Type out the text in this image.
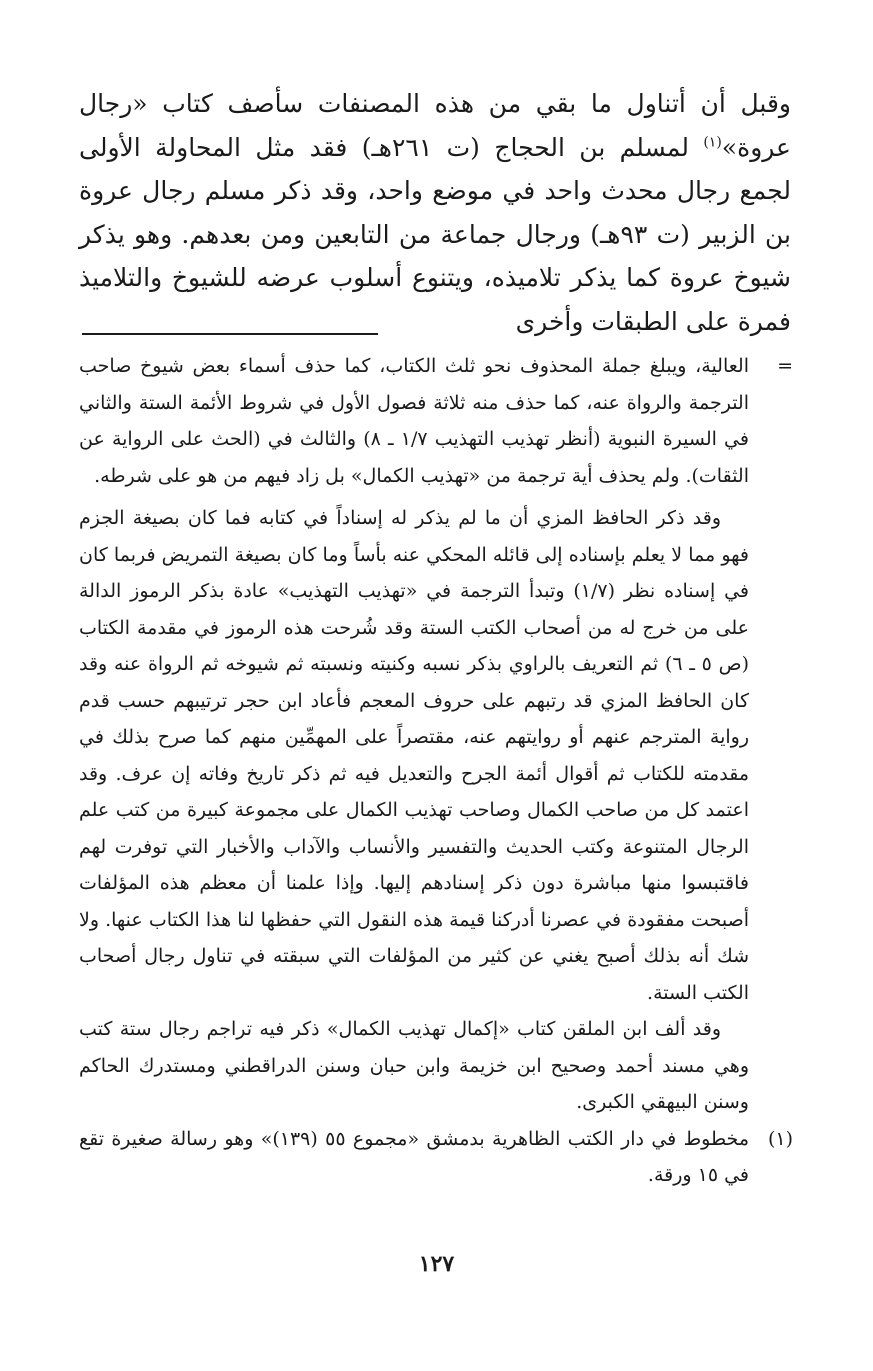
وقبل أن أتناول ما بقي من هذه المصنفات سأصف كتاب «رجال عروة»$^{(١)}$ لمسلم بن الحجاج (ت ٢٦١هـ) فقد مثل المحاولة الأولى لجمع رجال محدث واحد في موضع واحد، وقد ذكر مسلم رجال عروة بن الزبير (ت ٩٣هـ) ورجال جماعة من التابعين ومن بعدهم. وهو يذكر شيوخ عروة كما يذكر تلاميذه، ويتنوع أسلوب عرضه للشيوخ والتلاميذ فمرة على الطبقات وأخرى

=
العالية، ويبلغ جملة المحذوف نحو ثلث الكتاب، كما حذف أسماء بعض شيوخ صاحب الترجمة والرواة عنه، كما حذف منه ثلاثة فصول الأول في شروط الأئمة الستة والثاني في السيرة النبوية (أنظر تهذيب التهذيب ١/٧ ـ ٨) والثالث في (الحث على الرواية عن الثقات). ولم يحذف أية ترجمة من «تهذيب الكمال» بل زاد فيهم من هو على شرطه.

وقد ذكر الحافظ المزي أن ما لم يذكر له إسناداً في كتابه فما كان بصيغة الجزم فهو مما لا يعلم بإسناده إلى قائله المحكي عنه بأساً وما كان بصيغة التمريض فربما كان في إسناده نظر (١/٧) وتبدأ الترجمة في «تهذيب التهذيب» عادة بذكر الرموز الدالة على من خرج له من أصحاب الكتب الستة وقد شُرحت هذه الرموز في مقدمة الكتاب (ص ٥ ـ ٦) ثم التعريف بالراوي بذكر نسبه وكنيته ونسبته ثم شيوخه ثم الرواة عنه وقد كان الحافظ المزي قد رتبهم على حروف المعجم فأعاد ابن حجر ترتيبهم حسب قدم رواية المترجم عنهم أو روايتهم عنه، مقتصراً على المهمِّين منهم كما صرح بذلك في مقدمته للكتاب ثم أقوال أئمة الجرح والتعديل فيه ثم ذكر تاريخ وفاته إن عرف. وقد اعتمد كل من صاحب الكمال وصاحب تهذيب الكمال على مجموعة كبيرة من كتب علم الرجال المتنوعة وكتب الحديث والتفسير والأنساب والآداب والأخبار التي توفرت لهم فاقتبسوا منها مباشرة دون ذكر إسنادهم إليها. وإذا علمنا أن معظم هذه المؤلفات أصبحت مفقودة في عصرنا أدركنا قيمة هذه النقول التي حفظها لنا هذا الكتاب عنها. ولا شك أنه بذلك أصبح يغني عن كثير من المؤلفات التي سبقته في تناول رجال أصحاب الكتب الستة.

وقد ألف ابن الملقن كتاب «إكمال تهذيب الكمال» ذكر فيه تراجم رجال ستة كتب وهي مسند أحمد وصحيح ابن خزيمة وابن حبان وسنن الدراقطني ومستدرك الحاكم وسنن البيهقي الكبرى.

(١)
مخطوط في دار الكتب الظاهرية بدمشق «مجموع ٥٥ (١٣٩)» وهو رسالة صغيرة تقع في ١٥ ورقة.

١٢٧
